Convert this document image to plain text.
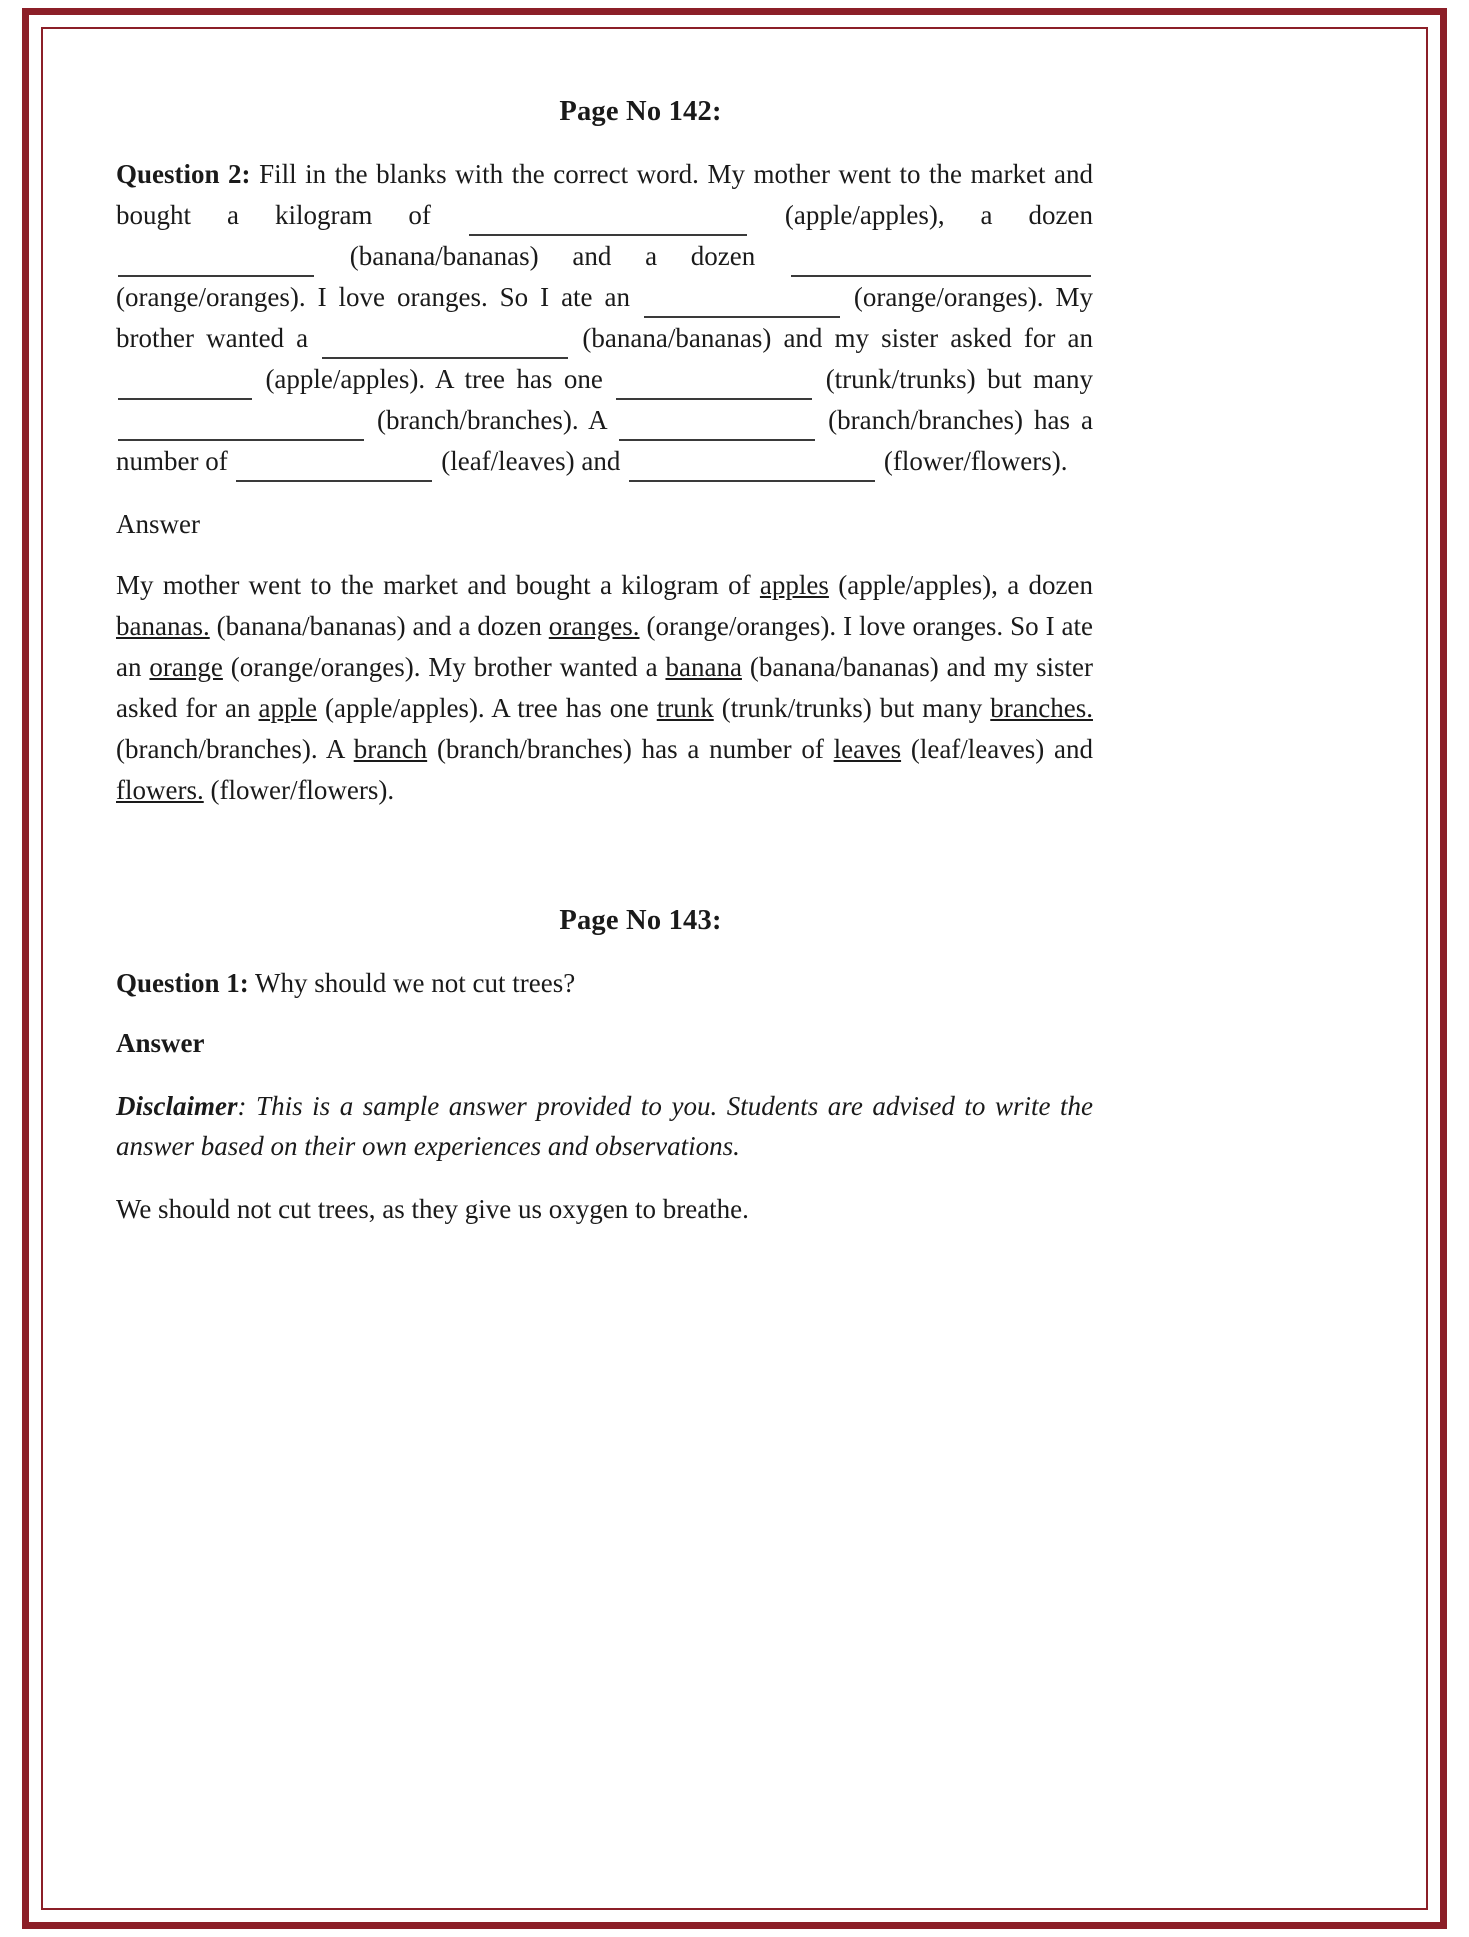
Page No 142:

Question 2: Fill in the blanks with the correct word. My mother went to the market and bought a kilogram of	(apple/apples), a dozen  (banana/bananas) and a dozen  (orange/oranges). I love oranges. So I ate an	(orange/oranges). My brother wanted a	(banana/bananas) and my sister asked for an  (apple/apples). A tree has one	(trunk/trunks) but many  (branch/branches). A	(branch/branches) has a number of	(leaf/leaves) and	(flower/flowers).

Answer

My mother went to the market and bought a kilogram of apples (apple/apples), a dozen bananas. (banana/bananas) and a dozen oranges. (orange/oranges). I love oranges. So I ate an orange (orange/oranges). My brother wanted a banana (banana/bananas) and my sister asked for an apple (apple/apples). A tree has one trunk (trunk/trunks) but many branches. (branch/branches). A branch (branch/branches) has a number of leaves (leaf/leaves) and flowers. (flower/flowers).

Page No 143:

Question 1: Why should we not cut trees?

Answer

Disclaimer: This is a sample answer provided to you. Students are advised to write the answer based on their own experiences and observations.

We should not cut trees, as they give us oxygen to breathe.
